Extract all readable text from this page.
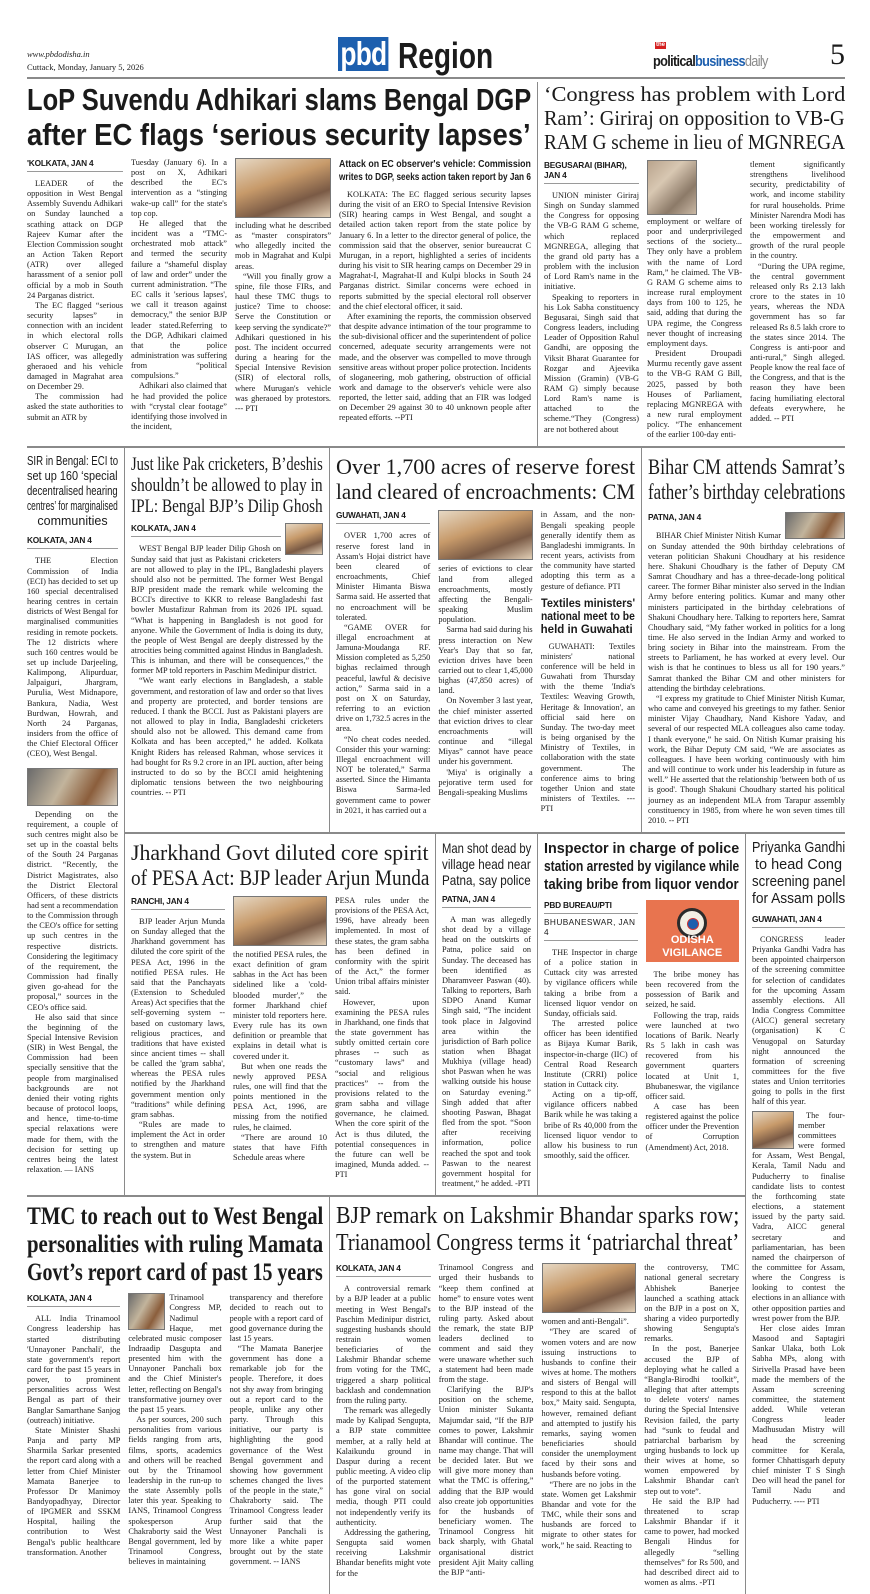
www.pbdodisha.in
Cuttack, Monday, January 5, 2026	pbd Region	the
politicalbusinessdaily 5
LoP Suvendu Adhikari slams Bengal DGP
after EC flags ‘serious security lapses’
'KOLKATA, JAN 4

LEADER of the opposition in West Bengal Assembly Suvendu Adhikari on Sunday launched a scathing attack on DGP Rajeev Kumar after the Election Commission sought an Action Taken Report (ATR) over alleged harassment of a senior poll official by a mob in South 24 Parganas district.

The EC flagged “serious security lapses” in connection with an incident in which electoral rolls observer C Murugan, an IAS officer, was allegedly gheraoed and his vehicle damaged in Magrahat area on December 29.

The commission had asked the state authorities to submit an ATR by

Tuesday (January 6). In a post on X, Adhikari described the EC's intervention as a “stinging wake-up call” for the state's top cop.

He alleged that the incident was a “TMC-orchestrated mob attack” and termed the security failure a “shameful display of law and order” under the current administration. “The EC calls it 'serious lapses', we call it treason against democracy,” the senior BJP leader stated.Referring to the DGP, Adhikari claimed that the police administration was suffering from “political compulsions.”

Adhikari also claimed that he had provided the police with “crystal clear footage” identifying those involved in the incident,

including what he described as “master conspirators” who allegedly incited the mob in Magrahat and Kulpi areas.

“Will you finally grow a spine, file those FIRs, and haul these TMC thugs to justice? Time to choose: Serve the Constitution or keep serving the syndicate?” Adhikari questioned in his post. The incident occurred during a hearing for the Special Intensive Revision (SIR) of electoral rolls, where Murugan's vehicle was gheraoed by protestors. --- PTI

Attack on EC observer's vehicle: Commission
writes to DGP, seeks action taken report by Jan 6

KOLKATA: The EC flagged serious security lapses during the visit of an ERO to Special Intensive Revision (SIR) hearing camps in West Bengal, and sought a detailed action taken report from the state police by January 6. In a letter to the director general of police, the commission said that the observer, senior bureaucrat C Murugan, in a report, highlighted a series of incidents during his visit to SIR hearing camps on December 29 in Magrahat-I, Magrahat-II and Kulpi blocks in South 24 Parganas district. Similar concerns were echoed in reports submitted by the special electoral roll observer and the chief electoral officer, it said.

After examining the reports, the commission observed that despite advance intimation of the tour programme to the sub-divisional officer and the superintendent of police concerned, adequate security arrangements were not made, and the observer was compelled to move through sensitive areas without proper police protection. Incidents of sloganeering, mob gathering, obstruction of official work and damage to the observer's vehicle were also reported, the letter said, adding that an FIR was lodged on December 29 against 30 to 40 unknown people after repeated efforts. --PTI

‘Congress has problem with Lord
Ram’: Giriraj on opposition to VB-G
RAM G scheme in lieu of MGNREGA
BEGUSARAI (BIHAR), JAN 4

UNION minister Giriraj Singh on Sunday slammed the Congress for opposing the VB-G RAM G scheme, which replaced MGNREGA, alleging that the grand old party has a problem with the inclusion of Lord Ram's name in the initiative.

Speaking to reporters in his Lok Sabha constituency Begusarai, Singh said that Congress leaders, including Leader of Opposition Rahul Gandhi, are opposing the Viksit Bharat Guarantee for Rozgar and Ajeevika Mission (Gramin) (VB-G RAM G) simply because Lord Ram's name is attached to the scheme.“They (Congress) are not bothered about

employment or welfare of poor and underprivileged sections of the society... They only have a problem with the name of Lord Ram,” he claimed. The VB-G RAM G scheme aims to increase rural employment days from 100 to 125, he said, adding that during the UPA regime, the Congress never thought of increasing employment days.

President Droupadi Murmu recently gave assent to the VB-G RAM G Bill, 2025, passed by both Houses of Parliament, replacing MGNREGA with a new rural employment policy. “The enhancement of the earlier 100-day enti-

tlement significantly strengthens livelihood security, predictability of work, and income stability for rural households. Prime Minister Narendra Modi has been working tirelessly for the empowerment and growth of the rural people in the country.

“During the UPA regime, the central government released only Rs 2.13 lakh crore to the states in 10 years, whereas the NDA government has so far released Rs 8.5 lakh crore to the states since 2014. The Congress is anti-poor and anti-rural,” Singh alleged. People know the real face of the Congress, and that is the reason they have been facing humiliating electoral defeats everywhere, he added. -- PTI

SIR in Bengal: ECI to
set up 160 ‘special
decentralised hearing
centres’ for marginalised
communities
KOLKATA, JAN 4

THE Election Commission of India (ECI) has decided to set up 160 special decentralised hearing centres in certain districts of West Bengal for marginalised communities residing in remote pockets. The 12 districts where such 160 centres would be set up include Darjeeling, Kalimpong, Alipurduar, Jalpaiguri, Jhargram, Purulia, West Midnapore, Bankura, Nadia, West Burdwan, Howrah, and North 24 Parganas, insiders from the office of the Chief Electoral Officer (CEO), West Bengal.

Depending on the requirement, a couple of such centres might also be set up in the coastal belts of the South 24 Parganas district. “Recently, the District Magistrates, also the District Electoral Officers, of these districts had sent a recommendation to the Commission through the CEO's office for setting up such centres in the respective districts. Considering the legitimacy of the requirement, the Commission had finally given go-ahead for the proposal,” sources in the CEO's office said.

He also said that since the beginning of the Special Intensive Revision (SIR) in West Bengal, the Commission had been specially sensitive that the people from marginalised backgrounds are not denied their voting rights because of protocol loops, and hence, time-to-time special relaxations were made for them, with the decision for setting up centres being the latest relaxation. — IANS

Just like Pak cricketers, B’deshis
shouldn’t be allowed to play in
IPL: Bengal BJP’s Dilip Ghosh
KOLKATA, JAN 4

WEST Bengal BJP leader Dilip Ghosh on Sunday said that just as Pakistani cricketers are not allowed to play in the IPL, Bangladeshi players should also not be permitted. The former West Bengal BJP president made the remark while welcoming the BCCI's directive to KKR to release Bangladeshi fast bowler Mustafizur Rahman from its 2026 IPL squad. “What is happening in Bangladesh is not good for anyone. While the Government of India is doing its duty, the people of West Bengal are deeply distressed by the atrocities being committed against Hindus in Bangladesh. This is inhuman, and there will be consequences,” the former MP told reporters in Paschim Medinipur district.

“We want early elections in Bangladesh, a stable government, and restoration of law and order so that lives and property are protected, and border tensions are reduced. I thank the BCCI. Just as Pakistani players are not allowed to play in India, Bangladeshi cricketers should also not be allowed. This demand came from Kolkata and has been accepted,” he added. Kolkata Knight Riders has released Rahman, whose services it had bought for Rs 9.2 crore in an IPL auction, after being instructed to do so by the BCCI amid heightening diplomatic tensions between the two neighbouring countries. -- PTI

Over 1,700 acres of reserve forest
land cleared of encroachments: CM
GUWAHATI, JAN 4

OVER 1,700 acres of reserve forest land in Assam's Hojai district have been cleared of encroachments, Chief Minister Himanta Biswa Sarma said. He asserted that no encroachment will be tolerated.

“GAME OVER for illegal encroachment at Jamuna-Moudanga RF. Mission completed as 5,250 bighas reclaimed through peaceful, lawful & decisive action,” Sarma said in a post on X on Saturday, referring to an eviction drive on 1,732.5 acres in the area.

“No cheat codes needed. Consider this your warning: Illegal encroachment will NOT be tolerated,” Sarma asserted. Since the Himanta Biswa Sarma-led government came to power in 2021, it has carried out a

series of evictions to clear land from alleged encroachments, mostly affecting the Bengali-speaking Muslim population.

Sarma had said during his press interaction on New Year's Day that so far, eviction drives have been carried out to clear 1,45,000 bighas (47,850 acres) of land.

On November 3 last year, the chief minister asserted that eviction drives to clear encroachments will continue and “illegal Miyas” cannot have peace under his government.

'Miya' is originally a pejorative term used for Bengali-speaking Muslims

in Assam, and the non-Bengali speaking people generally identify them as Bangladeshi immigrants. In recent years, activists from the community have started adopting this term as a gesture of defiance. PTI

Textiles ministers'
national meet to be
held in Guwahati

GUWAHATI: Textiles ministers' national conference will be held in Guwahati from Thursday with the theme 'India's Textiles: Weaving Growth, Heritage & Innovation', an official said here on Sunday. The two-day meet is being organised by the Ministry of Textiles, in collaboration with the state government. The conference aims to bring together Union and state ministers of Textiles. --- PTI

Bihar CM attends Samrat’s
father’s birthday celebrations
PATNA, JAN 4

BIHAR Chief Minister Nitish Kumar on Sunday attended the 90th birthday celebrations of veteran politician Shakuni Choudhary at his residence here. Shakuni Choudhary is the father of Deputy CM Samrat Choudhary and has a three-decade-long political career. The former Bihar minister also served in the Indian Army before entering politics. Kumar and many other ministers participated in the birthday celebrations of Shakuni Choudhary here. Talking to reporters here, Samrat Choudhary said, “My father worked in politics for a long time. He also served in the Indian Army and worked to bring society in Bihar into the mainstream. From the streets to Parliament, he has worked at every level. Our wish is that he continues to bless us all for 190 years.” Samrat thanked the Bihar CM and other ministers for attending the birthday celebrations.

“I express my gratitude to Chief Minister Nitish Kumar, who came and conveyed his greetings to my father. Senior minister Vijay Chaudhary, Nand Kishore Yadav, and several of our respected MLA colleagues also came today. I thank everyone,” he said. On Nitish Kumar praising his work, the Bihar Deputy CM said, “We are associates as colleagues. I have been working continuously with him and will continue to work under his leadership in future as well.” He asserted that the relationship 'between both of us is good'. Though Shakuni Choudhary started his political journey as an independent MLA from Tarapur assembly constituency in 1985, from where he won seven times till 2010. -- PTI

Jharkhand Govt diluted core spirit
of PESA Act: BJP leader Arjun Munda
RANCHI, JAN 4

BJP leader Arjun Munda on Sunday alleged that the Jharkhand government has diluted the core spirit of the PESA Act, 1996 in the notified PESA rules. He said that the Panchayats (Extension to Scheduled Areas) Act specifies that the self-governing system -- based on customary laws, religious practices, and traditions that have existed since ancient times -- shall be called the 'gram sabha', whereas the PESA rules notified by the Jharkhand government mention only “traditions” while defining gram sabhas.

“Rules are made to implement the Act in order to strengthen and mature the system. But in

the notified PESA rules, the exact definition of gram sabhas in the Act has been sidelined like a 'cold-blooded murder',” the former Jharkhand chief minister told reporters here. Every rule has its own definition or preamble that explains in detail what is covered under it.

But when one reads the newly approved PESA rules, one will find that the points mentioned in the PESA Act, 1996, are missing from the notified rules, he claimed.

“There are around 10 states that have Fifth Schedule areas where

PESA rules under the provisions of the PESA Act, 1996, have already been implemented. In most of these states, the gram sabha has been defined in conformity with the spirit of the Act,” the former Union tribal affairs minister said.

However, upon examining the PESA rules in Jharkhand, one finds that the state government has subtly omitted certain core phrases -- such as “customary laws” and “social and religious practices” -- from the provisions related to the gram sabha and village governance, he claimed. When the core spirit of the Act is thus diluted, the potential consequences in the future can well be imagined, Munda added. -- PTI

Man shot dead by
village head near
Patna, say police
PATNA, JAN 4

A man was allegedly shot dead by a village head on the outskirts of Patna, police said on Sunday. The deceased has been identified as Dharamveer Paswan (40). Talking to reporters, Barh SDPO Anand Kumar Singh said, “The incident took place in Jalgovind area within the jurisdiction of Barh police station when Bhagat Mukhiya (village head) shot Paswan when he was walking outside his house on Saturday evening.” Singh added that after shooting Paswan, Bhagat fled from the spot. “Soon after receiving information, police reached the spot and took Paswan to the nearest government hospital for treatment,” he added. -PTI

Inspector in charge of police
station arrested by vigilance while
taking bribe from liquor vendor
PBD BUREAU/PTI
BHUBANESWAR, JAN 4

THE Inspector in charge of a police station in Cuttack city was arrested by vigilance officers while taking a bribe from a licensed liquor vendor on Sunday, officials said.

The arrested police officer has been identified as Bijaya Kumar Barik, inspector-in-charge (IIC) of Central Road Research Institute (CRRI) police station in Cuttack city.

Acting on a tip-off, vigilance officers nabbed Barik while he was taking a bribe of Rs 40,000 from the licensed liquor vendor to allow his business to run smoothly, said the officer.

ODISHA VIGILANCE

The bribe money has been recovered from the possession of Barik and seized, he said.

Following the trap, raids were launched at two locations of Barik. Nearly Rs 5 lakh in cash was recovered from his government quarters located at Unit 1, Bhubaneswar, the vigilance officer said.

A case has been registered against the police officer under the Prevention of Corruption (Amendment) Act, 2018.

Priyanka Gandhi
to head Cong
screening panel
for Assam polls
GUWAHATI, JAN 4

CONGRESS leader Priyanka Gandhi Vadra has been appointed chairperson of the screening committee for selection of candidates for the upcoming Assam assembly elections. All India Congress Committee (AICC) general secretary (organisation) K C Venugopal on Saturday night announced the formation of screening committees for the five states and Union territories going to polls in the first half of this year.

The four-member committees were formed for Assam, West Bengal, Kerala, Tamil Nadu and Puducherry to finalise candidate lists to contest the forthcoming state elections, a statement issued by the party said. Vadra, AICC general secretary and parliamentarian, has been named the chairperson of the committee for Assam, where the Congress is looking to contest the elections in an alliance with other opposition parties and wrest power from the BJP.

Her close aides Imran Masood and Saptagiri Sankar Ulaka, both Lok Sabha MPs, along with Sirivella Prasad have been made the members of the Assam screening committee, the statement added. While veteran Congress leader Madhusudan Mistry will head the screening committee for Kerala, former Chhattisgarh deputy chief minister T S Singh Deo will head the panel for Tamil Nadu and Puducherry. ---- PTI

TMC to reach out to West Bengal
personalities with ruling Mamata
Govt’s report card of past 15 years
KOLKATA, JAN 4

ALL India Trinamool Congress leadership has started distributing 'Unnayoner Panchali', the state government's report card for the past 15 years in power, to prominent personalities across West Bengal as part of their Banglar Samarthane Sanjog (outreach) initiative.

State Minister Shashi Panja and party MP Sharmila Sarkar presented the report card along with a letter from Chief Minister Mamata Banerjee to Professor Dr Manimoy Bandyopadhyay, Director of IPGMER and SSKM Hospital, hailing the contribution to West Bengal's public healthcare transformation. Another

Trinamool Congress MP, Nadimul Haque, met celebrated music composer Indraadip Dasgupta and presented him with the Unnayoner Panchali box and the Chief Minister's letter, reflecting on Bengal's transformative journey over the past 15 years.

As per sources, 200 such personalities from various fields ranging from arts, films, sports, academics and others will be reached out by the Trinamool leadership in the run-up to the state Assembly polls later this year. Speaking to IANS, Trinamool Congress spokesperson Arup Chakraborty said the West Bengal government, led by Trinamool Congress, believes in maintaining

transparency and therefore decided to reach out to people with a report card of good governance during the last 15 years.

“The Mamata Banerjee government has done a remarkable job for the people. Therefore, it does not shy away from bringing out a report card to the people, unlike any other party. Through this initiative, our party is highlighting the good governance of the West Bengal government and showing how government schemes changed the lives of the people in the state,” Chakraborty said. The Trinamool Congress leader further said that the Unnayoner Panchali is more like a white paper brought out by the state government. -- IANS

BJP remark on Lakshmir Bhandar sparks row;
Trianamool Congress terms it ‘patriarchal threat’
KOLKATA, JAN 4

A controversial remark by a BJP leader at a public meeting in West Bengal's Paschim Medinipur district, suggesting husbands should restrain women beneficiaries of the Lakshmir Bhandar scheme from voting for the TMC, triggered a sharp political backlash and condemnation from the ruling party.

The remark was allegedly made by Kalipad Sengupta, a BJP state committee member, at a rally held at Kalaikundu ground in Daspur during a recent public meeting. A video clip of the purported statement has gone viral on social media, though PTI could not independently verify its authenticity.

Addressing the gathering, Sengupta said women receiving Lakshmir Bhandar benefits might vote for the

Trinamool Congress and urged their husbands to “keep them confined at home” to ensure votes went to the BJP instead of the ruling party. Asked about the remark, the state BJP leaders declined to comment and said they were unaware whether such a statement had been made from the stage.

Clarifying the BJP's position on the scheme, Union minister Sukanta Majumdar said, “If the BJP comes to power, Lakshmir Bhandar will continue. The name may change. That will be decided later. But we will give more money than what the TMC is offering,” adding that the BJP would also create job opportunities for the husbands of beneficiary women. The Trinamool Congress hit back sharply, with Ghatal organisational district president Ajit Maity calling the BJP “anti-

women and anti-Bengali”.

“They are scared of women voters and are now issuing instructions to husbands to confine their wives at home. The mothers and sisters of Bengal will respond to this at the ballot box,” Maity said. Sengupta, however, remained defiant and attempted to justify his remarks, saying women beneficiaries should consider the unemployment faced by their sons and husbands before voting.

“There are no jobs in the state. Women get Lakshmir Bhandar and vote for the TMC, while their sons and husbands are forced to migrate to other states for work,” he said. Reacting to

the controversy, TMC national general secretary Abhishek Banerjee launched a scathing attack on the BJP in a post on X, sharing a video purportedly showing Sengupta's remarks.

In the post, Banerjee accused the BJP of deploying what he called a “Bangla-Birodhi toolkit”, alleging that after attempts to delete voters' names during the Special Intensive Revision failed, the party had “sunk to feudal and patriarchal barbarism by urging husbands to lock up their wives at home, so women empowered by Lakshmir Bhandar can't step out to vote”.

He said the BJP had threatened to scrap Lakshmir Bhandar if it came to power, had mocked Bengali Hindus for allegedly “selling themselves” for Rs 500, and had described direct aid to women as alms. -PTI
